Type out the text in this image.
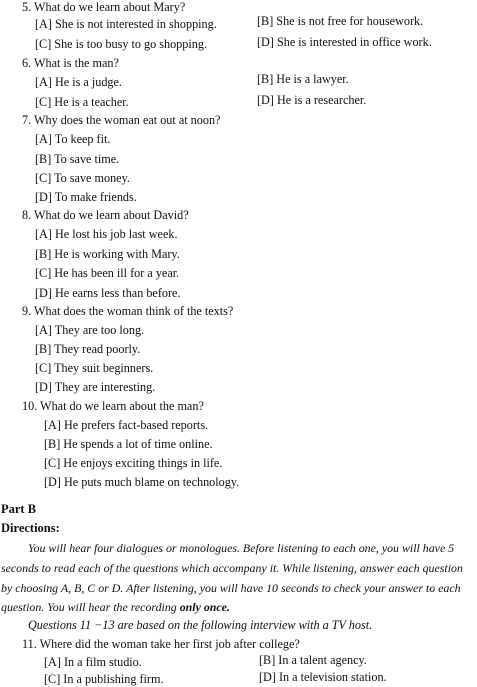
5. What do we learn about Mary?
[A] She is not interested in shopping.	[B] She is not free for housework.
[C] She is too busy to go shopping.	[D] She is interested in office work.
6. What is the man?
[A] He is a judge.	[B] He is a lawyer.
[C] He is a teacher.	[D] He is a researcher.
7. Why does the woman eat out at noon?
[A] To keep fit.
[B] To save time.
[C] To save money.
[D] To make friends.
8. What do we learn about David?
[A] He lost his job last week.
[B] He is working with Mary.
[C] He has been ill for a year.
[D] He earns less than before.
9. What does the woman think of the texts?
[A] They are too long.
[B] They read poorly.
[C] They suit beginners.
[D] They are interesting.
10. What do we learn about the man?
[A] He prefers fact-based reports.
[B] He spends a lot of time online.
[C] He enjoys exciting things in life.
[D] He puts much blame on technology.
Part B
Directions:
You will hear four dialogues or monologues. Before listening to each one, you will have 5
seconds to read each of the questions which accompany it. While listening, answer each question
by choosing A, B, C or D. After listening, you will have 10 seconds to check your answer to each
question. You will hear the recording only once.
Questions 11 −13 are based on the following interview with a TV host.
11. Where did the woman take her first job after college?
[A] In a film studio.	[B] In a talent agency.
[C] In a publishing firm.	[D] In a television station.
